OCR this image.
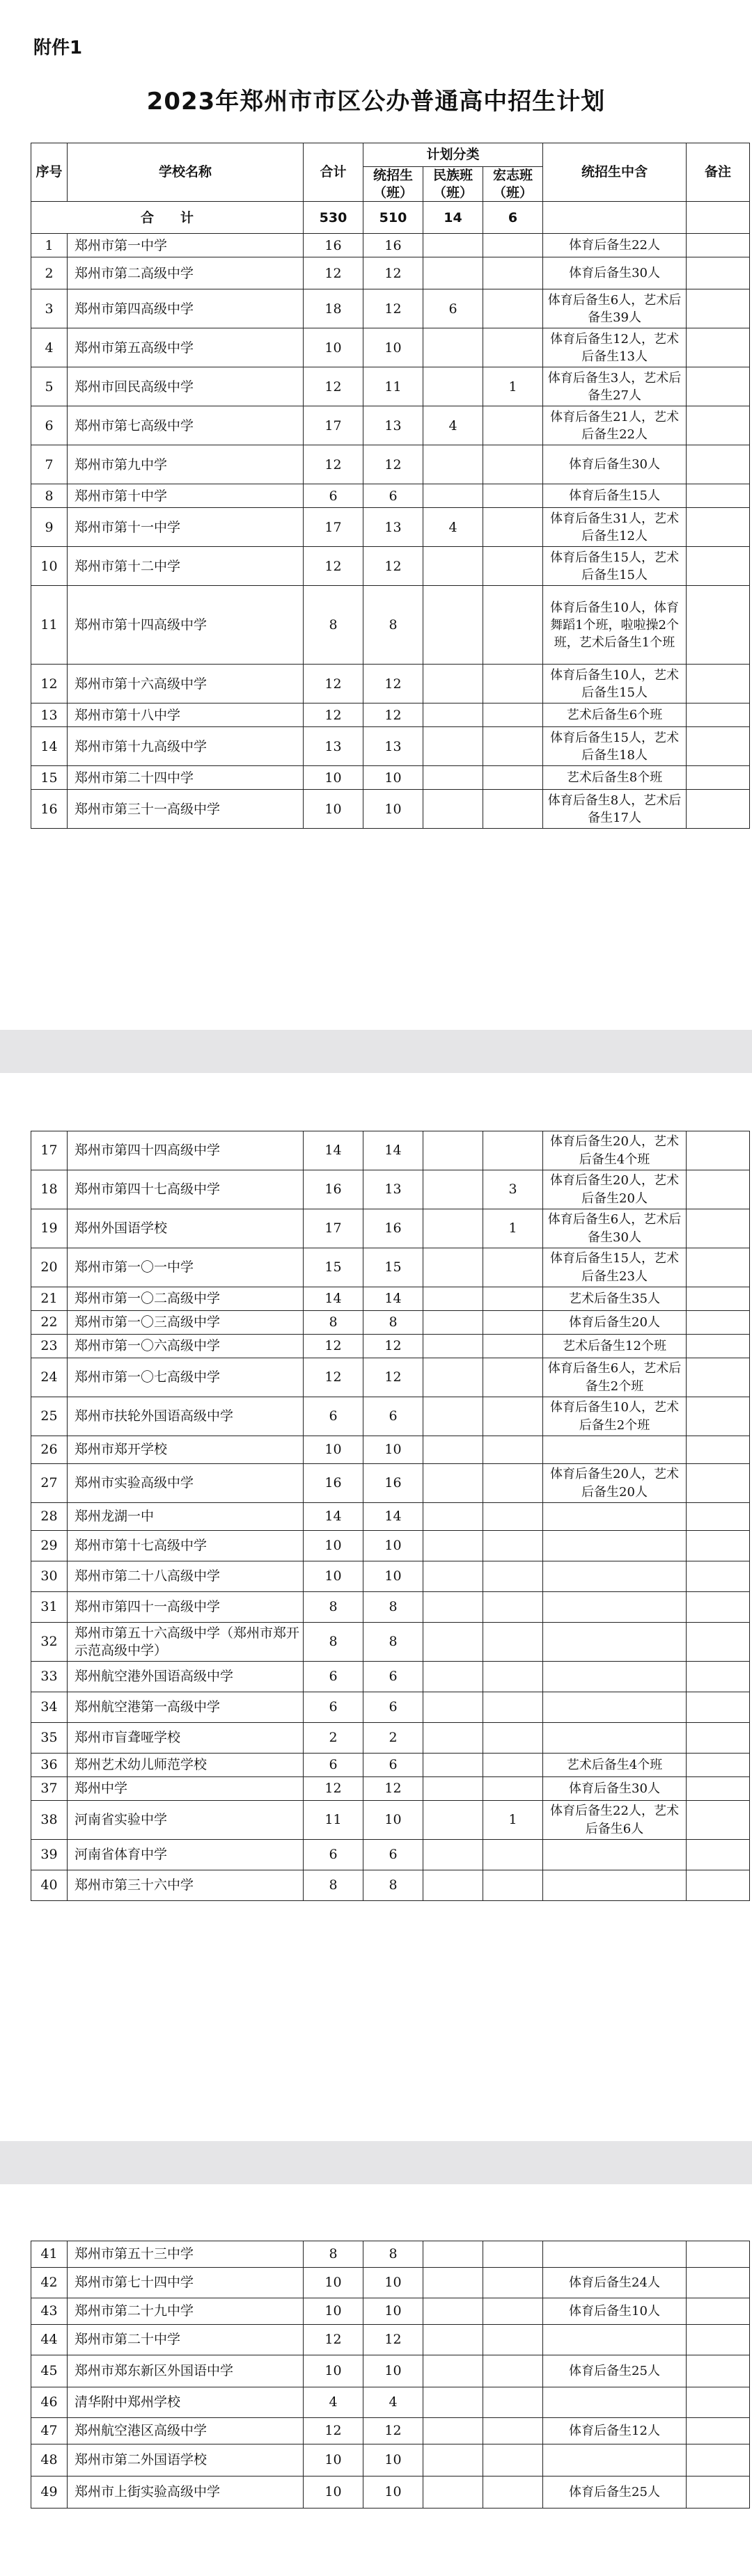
附件1
2023年郑州市市区公办普通高中招生计划
序号	学校名称	合计	计划分类			统招生中含	备注
			统招生（班）	民族班（班）	宏志班（班）		
合　　计		530	510	14	6		
1	郑州市第一中学	16	16			体育后备生22人	
2	郑州市第二高级中学	12	12			体育后备生30人	
3	郑州市第四高级中学	18	12	6		体育后备生6人，艺术后备生39人	
4	郑州市第五高级中学	10	10			体育后备生12人，艺术后备生13人	
5	郑州市回民高级中学	12	11		1	体育后备生3人，艺术后备生27人	
6	郑州市第七高级中学	17	13	4		体育后备生21人，艺术后备生22人	
7	郑州市第九中学	12	12			体育后备生30人	
8	郑州市第十中学	6	6			体育后备生15人	
9	郑州市第十一中学	17	13	4		体育后备生31人，艺术后备生12人	
10	郑州市第十二中学	12	12			体育后备生15人，艺术后备生15人	
11	郑州市第十四高级中学	8	8			体育后备生10人，体育舞蹈1个班，啦啦操2个班，艺术后备生1个班	
12	郑州市第十六高级中学	12	12			体育后备生10人，艺术后备生15人	
13	郑州市第十八中学	12	12			艺术后备生6个班	
14	郑州市第十九高级中学	13	13			体育后备生15人，艺术后备生18人	
15	郑州市第二十四中学	10	10			艺术后备生8个班	
16	郑州市第三十一高级中学	10	10			体育后备生8人，艺术后备生17人	
17	郑州市第四十四高级中学	14	14			体育后备生20人，艺术后备生4个班	
18	郑州市第四十七高级中学	16	13		3	体育后备生20人，艺术后备生20人	
19	郑州外国语学校	17	16		1	体育后备生6人，艺术后备生30人	
20	郑州市第一〇一中学	15	15			体育后备生15人，艺术后备生23人	
21	郑州市第一〇二高级中学	14	14			艺术后备生35人	
22	郑州市第一〇三高级中学	8	8			体育后备生20人	
23	郑州市第一〇六高级中学	12	12			艺术后备生12个班	
24	郑州市第一〇七高级中学	12	12			体育后备生6人，艺术后备生2个班	
25	郑州市扶轮外国语高级中学	6	6			体育后备生10人，艺术后备生2个班	
26	郑州市郑开学校	10	10				
27	郑州市实验高级中学	16	16			体育后备生20人，艺术后备生20人	
28	郑州龙湖一中	14	14				
29	郑州市第十七高级中学	10	10				
30	郑州市第二十八高级中学	10	10				
31	郑州市第四十一高级中学	8	8				
32	郑州市第五十六高级中学（郑州市郑开示范高级中学）	8	8				
33	郑州航空港外国语高级中学	6	6				
34	郑州航空港第一高级中学	6	6				
35	郑州市盲聋哑学校	2	2				
36	郑州艺术幼儿师范学校	6	6			艺术后备生4个班	
37	郑州中学	12	12			体育后备生30人	
38	河南省实验中学	11	10		1	体育后备生22人，艺术后备生6人	
39	河南省体育中学	6	6				
40	郑州市第三十六中学	8	8				
41	郑州市第五十三中学	8	8				
42	郑州市第七十四中学	10	10			体育后备生24人	
43	郑州市第二十九中学	10	10			体育后备生10人	
44	郑州市第二十中学	12	12				
45	郑州市郑东新区外国语中学	10	10			体育后备生25人	
46	清华附中郑州学校	4	4				
47	郑州航空港区高级中学	12	12			体育后备生12人	
48	郑州市第二外国语学校	10	10				
49	郑州市上街实验高级中学	10	10			体育后备生25人	
